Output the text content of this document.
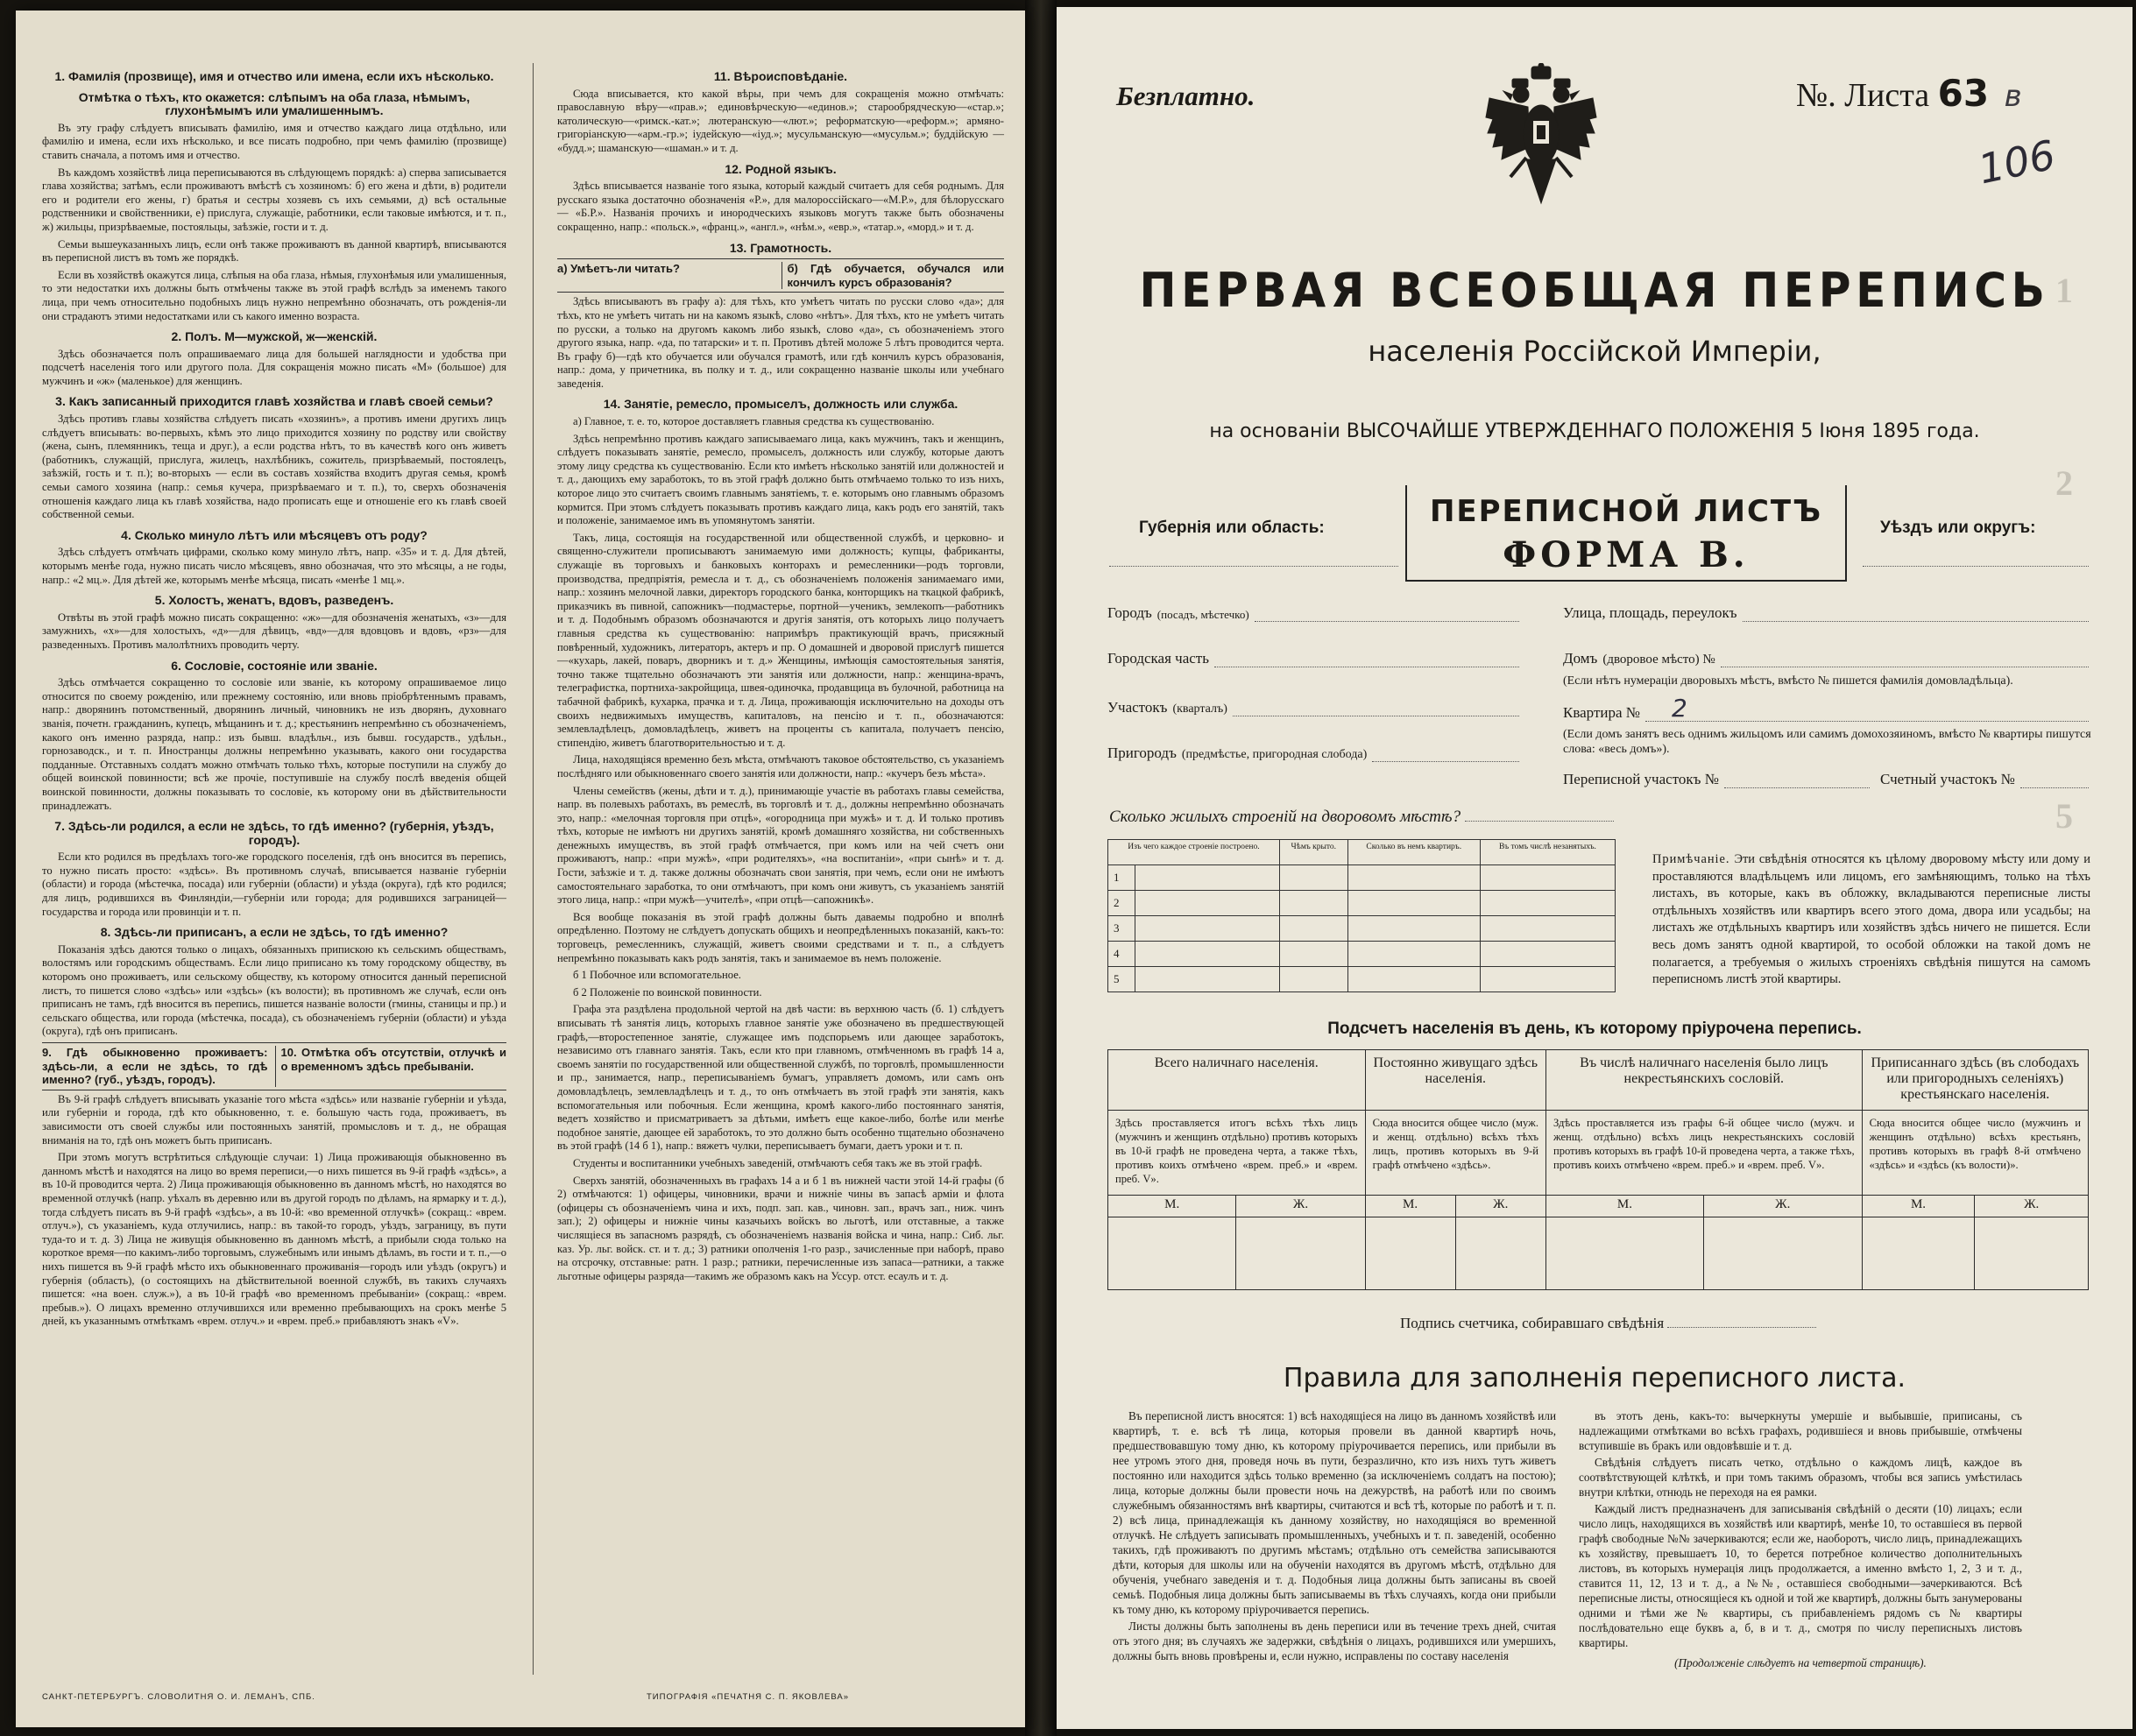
1. Фамилія (прозвище), имя и отчество или имена, если ихъ нѣсколько.
Отмѣтка о тѣхъ, кто окажется: слѣпымъ на оба глаза, нѣмымъ, глухонѣмымъ или умалишеннымъ.

Въ эту графу слѣдуетъ вписывать фамилію, имя и отчество каждаго лица отдѣльно, или фамилію и имена, если ихъ нѣсколько, и все писать подробно, при чемъ фамилію (прозвище) ставить сначала, а потомъ имя и отчество.

Въ каждомъ хозяйствѣ лица переписываются въ слѣдующемъ порядкѣ: а) сперва записывается глава хозяйства; затѣмъ, если проживаютъ вмѣстѣ съ хозяиномъ: б) его жена и дѣти, в) родители его и родители его жены, г) братья и сестры хозяевъ съ ихъ семьями, д) всѣ остальные родственники и свойственники, е) прислуга, служащіе, работники, если таковые имѣются, и т. п., ж) жильцы, призрѣваемые, постояльцы, заѣзжіе, гости и т. д.

Семьи вышеуказанныхъ лицъ, если онѣ также проживаютъ въ данной квартирѣ, вписываются въ переписной листъ въ томъ же порядкѣ.

Если въ хозяйствѣ окажутся лица, слѣпыя на оба глаза, нѣмыя, глухонѣмыя или умалишенныя, то эти недостатки ихъ должны быть отмѣчены также въ этой графѣ вслѣдъ за именемъ такого лица, при чемъ относительно подобныхъ лицъ нужно непремѣнно обозначать, отъ рожденія-ли они страдаютъ этими недостатками или съ какого именно возраста.

2. Полъ. М—мужской, ж—женскій.

Здѣсь обозначается полъ опрашиваемаго лица для большей наглядности и удобства при подсчетѣ населенія того или другого пола. Для сокращенія можно писать «М» (большое) для мужчинъ и «ж» (маленькое) для женщинъ.

3. Какъ записанный приходится главѣ хозяйства и главѣ своей семьи?

Здѣсь противъ главы хозяйства слѣдуетъ писать «хозяинъ», а противъ имени другихъ лицъ слѣдуетъ вписывать: во-первыхъ, кѣмъ это лицо приходится хозяину по родству или свойству (жена, сынъ, племянникъ, теща и друг.), а если родства нѣтъ, то въ качествѣ кого онъ живетъ (работникъ, служащій, прислуга, жилецъ, нахлѣбникъ, сожитель, призрѣваемый, постоялецъ, заѣзжій, гость и т. п.); во-вторыхъ — если въ составъ хозяйства входитъ другая семья, кромѣ семьи самого хозяина (напр.: семья кучера, призрѣваемаго и т. п.), то, сверхъ обозначенія отношенія каждаго лица къ главѣ хозяйства, надо прописать еще и отношеніе его къ главѣ своей собственной семьи.

4. Сколько минуло лѣтъ или мѣсяцевъ отъ роду?

Здѣсь слѣдуетъ отмѣчать цифрами, сколько кому минуло лѣтъ, напр. «35» и т. д. Для дѣтей, которымъ менѣе года, нужно писать число мѣсяцевъ, явно обозначая, что это мѣсяцы, а не годы, напр.: «2 мц.». Для дѣтей же, которымъ менѣе мѣсяца, писать «менѣе 1 мц.».

5. Холостъ, женатъ, вдовъ, разведенъ.

Отвѣты въ этой графѣ можно писать сокращенно: «ж»—для обозначенія женатыхъ, «з»—для замужнихъ, «х»—для холостыхъ, «д»—для дѣвицъ, «вд»—для вдовцовъ и вдовъ, «рз»—для разведенныхъ. Противъ малолѣтнихъ проводить черту.

6. Сословіе, состояніе или званіе.

Здѣсь отмѣчается сокращенно то сословіе или званіе, къ которому опрашиваемое лицо относится по своему рожденію, или прежнему состоянію, или вновь пріобрѣтеннымъ правамъ, напр.: дворянинъ потомственный, дворянинъ личный, чиновникъ не изъ дворянъ, духовнаго званія, почетн. гражданинъ, купецъ, мѣщанинъ и т. д.; крестьянинъ непремѣнно съ обозначеніемъ, какого онъ именно разряда, напр.: изъ бывш. владѣльч., изъ бывш. государств., удѣльн., горнозаводск., и т. п. Иностранцы должны непремѣнно указывать, какого они государства подданные. Отставныхъ солдатъ можно отмѣчать только тѣхъ, которые поступили на службу до общей воинской повинности; всѣ же прочіе, поступившіе на службу послѣ введенія общей воинской повинности, должны показывать то сословіе, къ которому они въ дѣйствительности принадлежатъ.

7. Здѣсь-ли родился, а если не здѣсь, то гдѣ именно? (губернія, уѣздъ, городъ).

Если кто родился въ предѣлахъ того-же городского поселенія, гдѣ онъ вносится въ перепись, то нужно писать просто: «здѣсь». Въ противномъ случаѣ, вписывается названіе губерніи (области) и города (мѣстечка, посада) или губерніи (области) и уѣзда (округа), гдѣ кто родился; для лицъ, родившихся въ Финляндіи,—губерніи или города; для родившихся заграницей—государства и города или провинціи и т. п.

8. Здѣсь-ли приписанъ, а если не здѣсь, то гдѣ именно?

Показанія здѣсь даются только о лицахъ, обязанныхъ припискою къ сельскимъ обществамъ, волостямъ или городскимъ обществамъ. Если лицо приписано къ тому городскому обществу, въ которомъ оно проживаетъ, или сельскому обществу, къ которому относится данный переписной листъ, то пишется слово «здѣсь» или «здѣсь» (къ волости); въ противномъ же случаѣ, если онъ приписанъ не тамъ, гдѣ вносится въ перепись, пишется названіе волости (гмины, станицы и пр.) и сельскаго общества, или города (мѣстечка, посада), съ обозначеніемъ губерніи (области) и уѣзда (округа), гдѣ онъ приписанъ.

9. Гдѣ обыкновенно проживаетъ: здѣсь-ли, а если не здѣсь, то гдѣ именно? (губ., уѣздъ, городъ).
10. Отмѣтка объ отсутствіи, отлучкѣ и о временномъ здѣсь пребываніи.

Въ 9-й графѣ слѣдуетъ вписывать указаніе того мѣста «здѣсь» или названіе губерніи и уѣзда, или губерніи и города, гдѣ кто обыкновенно, т. е. большую часть года, проживаетъ, въ зависимости отъ своей службы или постоянныхъ занятій, промысловъ и т. д., не обращая вниманія на то, гдѣ онъ можетъ быть приписанъ.

При этомъ могутъ встрѣтиться слѣдующіе случаи: 1) Лица проживающія обыкновенно въ данномъ мѣстѣ и находятся на лицо во время переписи,—о нихъ пишется въ 9-й графѣ «здѣсь», а въ 10-й проводится черта. 2) Лица проживающія обыкновенно въ данномъ мѣстѣ, но находятся во временной отлучкѣ (напр. уѣхалъ въ деревню или въ другой городъ по дѣламъ, на ярмарку и т. д.), тогда слѣдуетъ писать въ 9-й графѣ «здѣсь», а въ 10-й: «во временной отлучкѣ» (сокращ.: «врем. отлуч.»), съ указаніемъ, куда отлучились, напр.: въ такой-то городъ, уѣздъ, заграницу, въ пути туда-то и т. д. 3) Лица не живущія обыкновенно въ данномъ мѣстѣ, а прибыли сюда только на короткое время—по какимъ-либо торговымъ, служебнымъ или инымъ дѣламъ, въ гости и т. п.,—о нихъ пишется въ 9-й графѣ мѣсто ихъ обыкновеннаго проживанія—городъ или уѣздъ (округъ) и губернія (область), (о состоящихъ на дѣйствительной военной службѣ, въ такихъ случаяхъ пишется: «на воен. служ.»), а въ 10-й графѣ «во временномъ пребываніи» (сокращ.: «врем. пребыв.»). О лицахъ временно отлучившихся или временно пребывающихъ на срокъ менѣе 5 дней, къ указаннымъ отмѣткамъ «врем. отлуч.» и «врем. преб.» прибавляютъ знакъ «V».

11. Вѣроисповѣданіе.

Сюда вписывается, кто какой вѣры, при чемъ для сокращенія можно отмѣчать: православную вѣру—«прав.»; единовѣрческую—«единов.»; старообрядческую—«стар.»; католическую—«римск.-кат.»; лютеранскую—«лют.»; реформатскую—«реформ.»; армяно-григоріанскую—«арм.-гр.»; іудейскую—«іуд.»; мусульманскую—«мусульм.»; буддійскую — «будд.»; шаманскую—«шаман.» и т. д.

12. Родной языкъ.

Здѣсь вписывается названіе того языка, который каждый считаетъ для себя роднымъ. Для русскаго языка достаточно обозначенія «Р.», для малороссійскаго—«М.Р.», для бѣлорусскаго — «Б.Р.». Названія прочихъ и инородческихъ языковъ могутъ также быть обозначены сокращенно, напр.: «польск.», «франц.», «англ.», «нѣм.», «евр.», «татар.», «морд.» и т. д.

13. Грамотность.
а) Умѣетъ-ли читать?	б) Гдѣ обучается, обучался или кончилъ курсъ образованія?

Здѣсь вписываютъ въ графу а): для тѣхъ, кто умѣетъ читать по русски слово «да»; для тѣхъ, кто не умѣетъ читать ни на какомъ языкѣ, слово «нѣтъ». Для тѣхъ, кто не умѣетъ читать по русски, а только на другомъ какомъ либо языкѣ, слово «да», съ обозначеніемъ этого другого языка, напр. «да, по татарски» и т. п. Противъ дѣтей моложе 5 лѣтъ проводится черта. Въ графу б)—гдѣ кто обучается или обучался грамотѣ, или гдѣ кончилъ курсъ образованія, напр.: дома, у причетника, въ полку и т. д., или сокращенно названіе школы или учебнаго заведенія.

14. Занятіе, ремесло, промыселъ, должность или служба.

а) Главное, т. е. то, которое доставляетъ главныя средства къ существованію.

Здѣсь непремѣнно противъ каждаго записываемаго лица, какъ мужчинъ, такъ и женщинъ, слѣдуетъ показывать занятіе, ремесло, промыселъ, должность или службу, которые даютъ этому лицу средства къ существованію. Если кто имѣетъ нѣсколько занятій или должностей и т. д., дающихъ ему заработокъ, то въ этой графѣ должно быть отмѣчаемо только то изъ нихъ, которое лицо это считаетъ своимъ главнымъ занятіемъ, т. е. которымъ оно главнымъ образомъ кормится. При этомъ слѣдуетъ показывать противъ каждаго лица, какъ родъ его занятій, такъ и положеніе, занимаемое имъ въ упомянутомъ занятіи.

Такъ, лица, состоящія на государственной или общественной службѣ, и церковно- и священно-служители прописываютъ занимаемую ими должность; купцы, фабриканты, служащіе въ торговыхъ и банковыхъ конторахъ и ремесленники—родъ торговли, производства, предпріятія, ремесла и т. д., съ обозначеніемъ положенія занимаемаго ими, напр.: хозяинъ мелочной лавки, директоръ городского банка, конторщикъ на ткацкой фабрикѣ, приказчикъ въ пивной, сапожникъ—подмастерье, портной—ученикъ, землекопъ—работникъ и т. д. Подобнымъ образомъ обозначаются и другія занятія, отъ которыхъ лицо получаетъ главныя средства къ существованію: напримѣръ практикующій врачъ, присяжный повѣренный, художникъ, литераторъ, актеръ и пр. О домашней и дворовой прислугѣ пишется—«кухарь, лакей, поваръ, дворникъ и т. д.» Женщины, имѣющія самостоятельныя занятія, точно также тщательно обозначаютъ эти занятія или должности, напр.: женщина-врачъ, телеграфистка, портниха-закройщица, швея-одиночка, продавщица въ булочной, работница на табачной фабрикѣ, кухарка, прачка и т. д. Лица, проживающія исключительно на доходы отъ своихъ недвижимыхъ имуществъ, капиталовъ, на пенсію и т. п., обозначаются: землевладѣлецъ, домовладѣлецъ, живетъ на проценты съ капитала, получаетъ пенсію, стипендію, живетъ благотворительностью и т. д.

Лица, находящіяся временно безъ мѣста, отмѣчаютъ таковое обстоятельство, съ указаніемъ послѣдняго или обыкновеннаго своего занятія или должности, напр.: «кучеръ безъ мѣста».

Члены семействъ (жены, дѣти и т. д.), принимающіе участіе въ работахъ главы семейства, напр. въ полевыхъ работахъ, въ ремеслѣ, въ торговлѣ и т. д., должны непремѣнно обозначать это, напр.: «мелочная торговля при отцѣ», «огородница при мужѣ» и т. д. И только противъ тѣхъ, которые не имѣютъ ни другихъ занятій, кромѣ домашняго хозяйства, ни собственныхъ денежныхъ имуществъ, въ этой графѣ отмѣчается, при комъ или на чей счетъ они проживаютъ, напр.: «при мужѣ», «при родителяхъ», «на воспитаніи», «при сынѣ» и т. д. Гости, заѣзжіе и т. д. также должны обозначать свои занятія, при чемъ, если они не имѣютъ самостоятельнаго заработка, то они отмѣчаютъ, при комъ они живутъ, съ указаніемъ занятій этого лица, напр.: «при мужѣ—учителѣ», «при отцѣ—сапожникѣ».

Вся вообще показанія въ этой графѣ должны быть даваемы подробно и вполнѣ опредѣленно. Поэтому не слѣдуетъ допускать общихъ и неопредѣленныхъ показаній, какъ-то: торговецъ, ремесленникъ, служащій, живетъ своими средствами и т. п., а слѣдуетъ непремѣнно показывать какъ родъ занятія, такъ и занимаемое въ немъ положеніе.

б 1 Побочное или вспомогательное.

б 2 Положеніе по воинской повинности.

Графа эта раздѣлена продольной чертой на двѣ части: въ верхнюю часть (б. 1) слѣдуетъ вписывать тѣ занятія лицъ, которыхъ главное занятіе уже обозначено въ предшествующей графѣ,—второстепенное занятіе, служащее имъ подспорьемъ или дающее заработокъ, независимо отъ главнаго занятія. Такъ, если кто при главномъ, отмѣченномъ въ графѣ 14 а, своемъ занятіи по государственной или общественной службѣ, по торговлѣ, промышленности и пр., занимается, напр., переписываніемъ бумагъ, управляетъ домомъ, или самъ онъ домовладѣлецъ, землевладѣлецъ и т. д., то онъ отмѣчаетъ въ этой графѣ эти занятія, какъ вспомогательныя или побочныя. Если женщина, кромѣ какого-либо постояннаго занятія, ведетъ хозяйство и присматриваетъ за дѣтьми, имѣетъ еще какое-либо, болѣе или менѣе подобное занятіе, дающее ей заработокъ, то это должно быть особенно тщательно обозначено въ этой графѣ (14 б 1), напр.: вяжетъ чулки, переписываетъ бумаги, даетъ уроки и т. п.

Студенты и воспитанники учебныхъ заведеній, отмѣчаютъ себя такъ же въ этой графѣ.

Сверхъ занятій, обозначенныхъ въ графахъ 14 а и б 1 въ нижней части этой 14-й графы (б 2) отмѣчаются: 1) офицеры, чиновники, врачи и нижніе чины въ запасѣ арміи и флота (офицеры съ обозначеніемъ чина и ихъ, подп. зап. кав., чиновн. зап., врачъ зап., ниж. чинъ зап.); 2) офицеры и нижніе чины казачьихъ войскъ во льготѣ, или отставные, а также числящіеся въ запасномъ разрядѣ, съ обозначеніемъ названія войска и чина, напр.: Сиб. льг. каз. Ур. льг. войск. ст. и т. д.; 3) ратники ополченія 1-го разр., зачисленные при наборѣ, право на отсрочку, отставные: ратн. 1 разр.; ратники, перечисленные изъ запаса—ратники, а также льготные офицеры разряда—такимъ же образомъ какъ на Уссур. отст. есаулъ и т. д.

САНКТ-ПЕТЕРБУРГЪ. СЛОВОЛИТНЯ О. И. ЛЕМАНЪ, СПБ.	ТИПОГРАФІЯ «ПЕЧАТНЯ С. П. ЯКОВЛЕВА»
1
2
5
Безплатно.	№. Листа 63 в
106
ПЕРВАЯ ВСЕОБЩАЯ ПЕРЕПИСЬ
населенія Россійской Имперіи,
на основаніи ВЫСОЧАЙШЕ УТВЕРЖДЕННАГО ПОЛОЖЕНІЯ 5 Іюня 1895 года.
Губернія или область:	ПЕРЕПИСНОЙ ЛИСТЪ
ФОРМА В.
Уѣздъ или округъ:
Городъ (посадъ, мѣстечко)	Улица, площадь, переулокъ
Городская часть	Домъ (дворовое мѣсто) №
(Если нѣтъ нумераціи дворовыхъ мѣстъ, вмѣсто № пишется фамилія домовладѣльца).
Участокъ (кварталъ)	Квартира № 2
Пригородъ (предмѣстье, пригородная слобода)
(Если домъ занятъ весь однимъ жильцомъ или самимъ домохозяиномъ, вмѣсто № квартиры пишутся слова: «весь домъ»).
Переписной участокъ №	Счетный участокъ №
Сколько жилыхъ строеній на дворовомъ мѣстѣ?
Изъ чего каждое строеніе построено.		Чѣмъ крыто.	Сколько въ немъ квартиръ.	Въ томъ числѣ незанятыхъ.
1				
2				
3				
4				
5				
Примѣчаніе. Эти свѣдѣнія относятся къ цѣлому дворовому мѣсту или дому и проставляются владѣльцемъ или лицомъ, его замѣняющимъ, только на тѣхъ листахъ, въ которые, какъ въ обложку, вкладываются переписные листы отдѣльныхъ хозяйствъ или квартиръ всего этого дома, двора или усадьбы; на листахъ же отдѣльныхъ квартиръ или хозяйствъ здѣсь ничего не пишется. Если весь домъ занятъ одной квартирой, то особой обложки на такой домъ не полагается, а требуемыя о жилыхъ строеніяхъ свѣдѣнія пишутся на самомъ переписномъ листѣ этой квартиры.
Подсчетъ населенія въ день, къ которому пріурочена перепись.
Всего наличнаго населенія.		Постоянно живущаго здѣсь населенія.		Въ числѣ наличнаго населенія было лицъ некрестьянскихъ сословій.		Приписаннаго здѣсь (въ слободахъ или пригородныхъ селеніяхъ) крестьянскаго населенія.	
Здѣсь проставляется итогъ всѣхъ тѣхъ лицъ (мужчинъ и женщинъ отдѣльно) противъ которыхъ въ 10-й графѣ не проведена черта, а также тѣхъ, противъ коихъ отмѣчено «врем. преб.» и «врем. преб. V».		Сюда вносится общее число (муж. и женщ. отдѣльно) всѣхъ тѣхъ лицъ, противъ которыхъ въ 9-й графѣ отмѣчено «здѣсь».		Здѣсь проставляется изъ графы 6-й общее число (мужч. и женщ. отдѣльно) всѣхъ лицъ некрестьянскихъ сословій противъ которыхъ въ графѣ 10-й проведена черта, а также тѣхъ, противъ коихъ отмѣчено «врем. преб.» и «врем. преб. V».		Сюда вносится общее число (мужчинъ и женщинъ отдѣльно) всѣхъ крестьянъ, противъ которыхъ въ графѣ 8-й отмѣчено «здѣсь» и «здѣсь (къ волости)».	
М.	Ж.	М.	Ж.	М.	Ж.	М.	Ж.

Подпись счетчика, собиравшаго свѣдѣнія
Правила для заполненія переписного листа.

Въ переписной листъ вносятся: 1) всѣ находящіеся на лицо въ данномъ хозяйствѣ или квартирѣ, т. е. всѣ тѣ лица, которыя провели въ данной квартирѣ ночь, предшествовавшую тому дню, къ которому пріурочивается перепись, или прибыли въ нее утромъ этого дня, проведя ночь въ пути, безразлично, кто изъ нихъ тутъ живетъ постоянно или находится здѣсь только временно (за исключеніемъ солдатъ на постою); лица, которые должны были провести ночь на дежурствѣ, на работѣ или по своимъ служебнымъ обязанностямъ внѣ квартиры, считаются и всѣ тѣ, которые по работѣ и т. п. 2) всѣ лица, принадлежащія къ данному хозяйству, но находящіяся во временной отлучкѣ. Не слѣдуетъ записывать промышленныхъ, учебныхъ и т. п. заведеній, особенно такихъ, гдѣ проживаютъ по другимъ мѣстамъ; отдѣльно отъ семейства записываются дѣти, которыя для школы или на обученіи находятся въ другомъ мѣстѣ, отдѣльно для обученія, учебнаго заведенія и т. д. Подобныя лица должны быть записаны въ своей семьѣ. Подобныя лица должны быть записываемы въ тѣхъ случаяхъ, когда они прибыли къ тому дню, къ которому пріурочивается перепись.

Листы должны быть заполнены въ день переписи или въ течение трехъ дней, считая отъ этого дня; въ случаяхъ же задержки, свѣдѣнія о лицахъ, родившихся или умершихъ, должны быть вновь провѣрены и, если нужно, исправлены по составу населенія

въ этотъ день, какъ-то: вычеркнуты умершіе и выбывшіе, приписаны, съ надлежащими отмѣтками во всѣхъ графахъ, родившіеся и вновь прибывшіе, отмѣчены вступившіе въ бракъ или овдовѣвшіе и т. д.

Свѣдѣнія слѣдуетъ писать четко, отдѣльно о каждомъ лицѣ, каждое въ соотвѣтствующей клѣткѣ, и при томъ такимъ образомъ, чтобы вся запись умѣстилась внутри клѣтки, отнюдь не переходя на ея рамки.

Каждый листъ предназначенъ для записыванія свѣдѣній о десяти (10) лицахъ; если число лицъ, находящихся въ хозяйствѣ или квартирѣ, менѣе 10, то оставшіеся въ первой графѣ свободные №№ зачеркиваются; если же, наоборотъ, число лицъ, принадлежащихъ къ хозяйству, превышаетъ 10, то берется потребное количество дополнительныхъ листовъ, въ которыхъ нумерація лицъ продолжается, а именно вмѣсто 1, 2, 3 и т. д., ставится 11, 12, 13 и т. д., а №№, оставшіеся свободными—зачеркиваются. Всѣ переписные листы, относящіеся къ одной и той же квартирѣ, должны быть занумерованы одними и тѣми же № квартиры, съ прибавленіемъ рядомъ съ № квартиры послѣдовательно еще буквъ а, б, в и т. д., смотря по числу переписныхъ листовъ квартиры.

(Продолженіе слѣдуетъ на четвертой страницѣ).
